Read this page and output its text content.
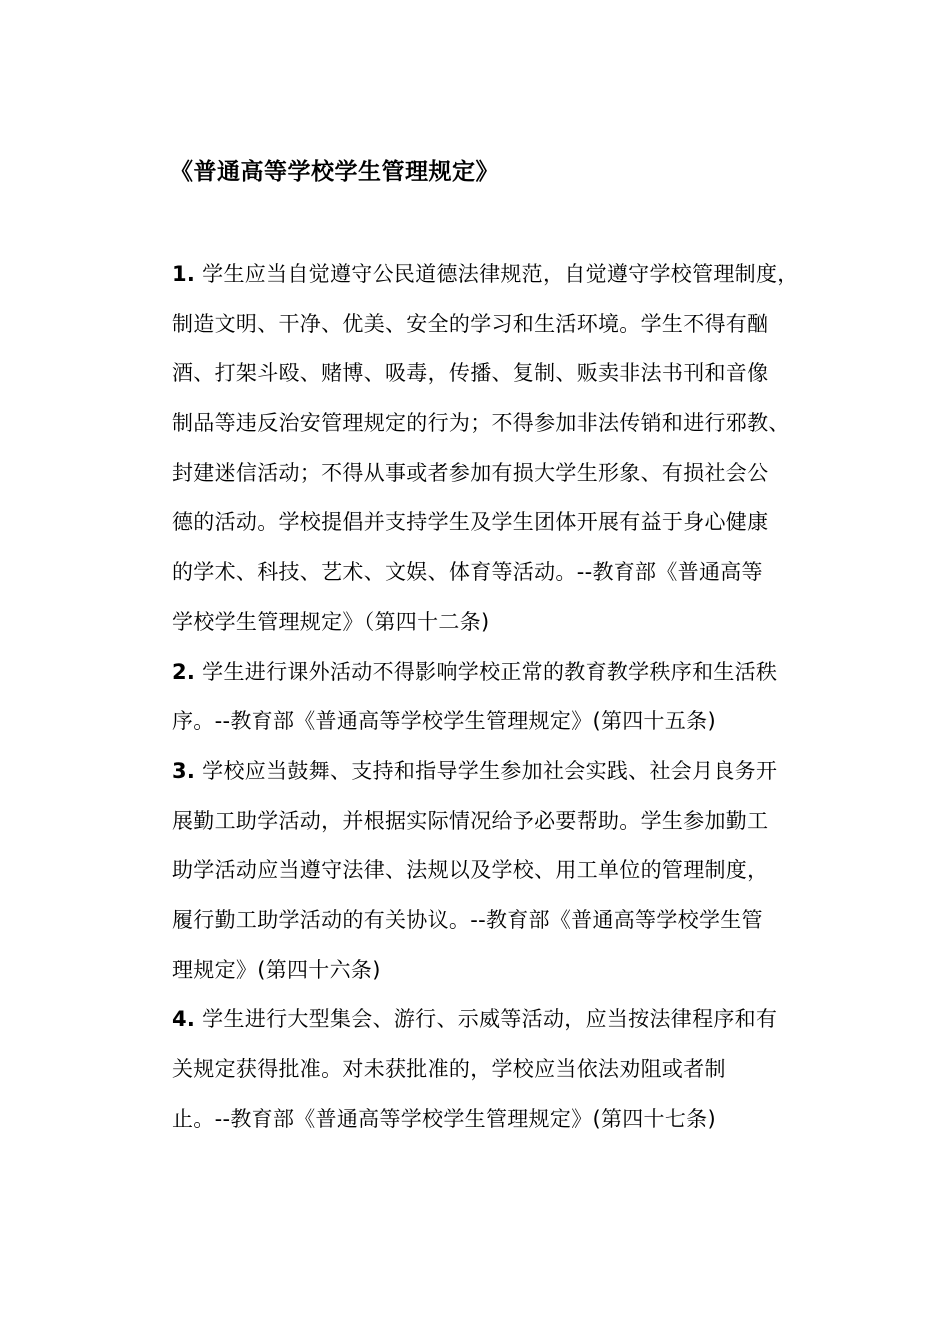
《普通高等学校学生管理规定》
1. 学生应当自觉遵守公民道德法律规范，自觉遵守学校管理制度，
制造文明、干净、优美、安全的学习和生活环境。学生不得有酗
酒、打架斗殴、赌博、吸毒，传播、复制、贩卖非法书刊和音像
制品等违反治安管理规定的行为；不得参加非法传销和进行邪教、
封建迷信活动；不得从事或者参加有损大学生形象、有损社会公
德的活动。学校提倡并支持学生及学生团体开展有益于身心健康
的学术、科技、艺术、文娱、体育等活动。--教育部《普通高等
学校学生管理规定》（第四十二条)
2. 学生进行课外活动不得影响学校正常的教育教学秩序和生活秩
序。--教育部《普通高等学校学生管理规定》(第四十五条)
3. 学校应当鼓舞、支持和指导学生参加社会实践、社会月良务开
展勤工助学活动，并根据实际情况给予必要帮助。学生参加勤工
助学活动应当遵守法律、法规以及学校、用工单位的管理制度，
履行勤工助学活动的有关协议。--教育部《普通高等学校学生管
理规定》(第四十六条)
4. 学生进行大型集会、游行、示威等活动，应当按法律程序和有
关规定获得批准。对未获批准的，学校应当依法劝阻或者制
止。--教育部《普通高等学校学生管理规定》(第四十七条)
